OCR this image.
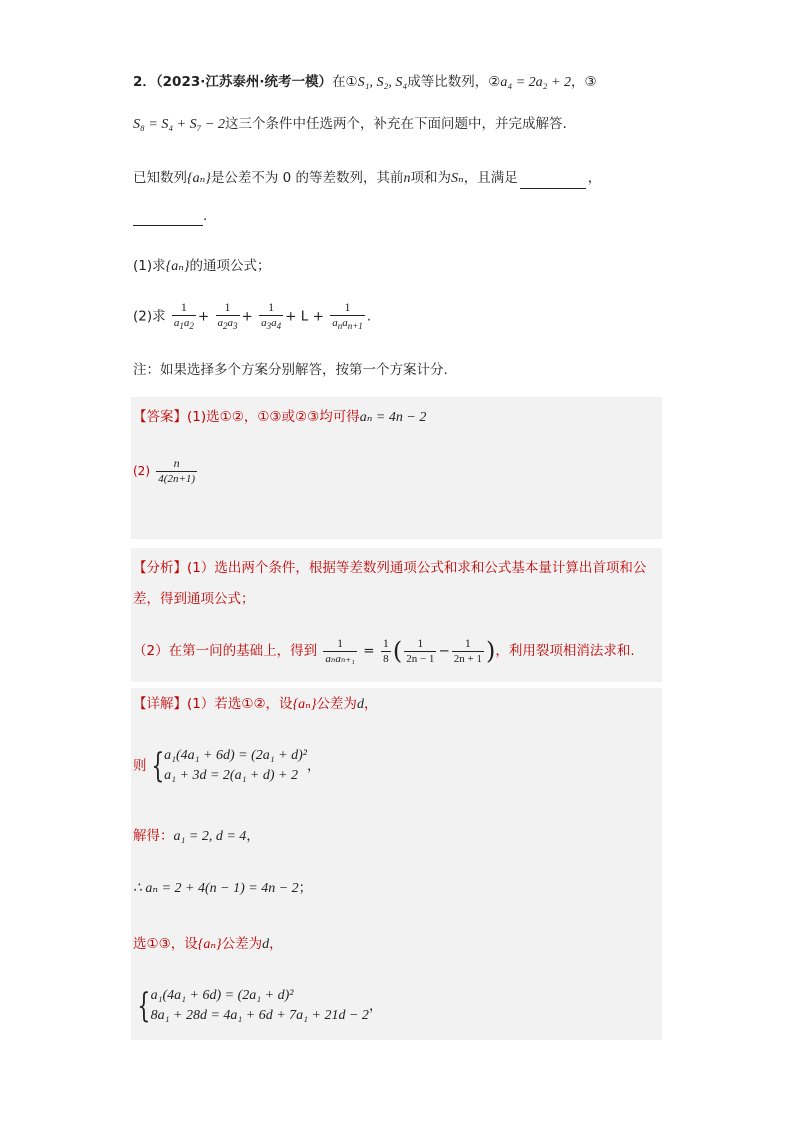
2．（2023·江苏泰州·统考一模）在①S₁, S₂, S₄成等比数列，②a₄ = 2a₂ + 2，③
S₈ = S₄ + S₇ − 2这三个条件中任选两个，补充在下面问题中，并完成解答.
已知数列{aₙ}是公差不为 0 的等差数列，其前n项和为Sₙ，且满足	，
.
(1)求{aₙ}的通项公式；
(2)求 $\frac{1}{a_1a_2} + \frac{1}{a_2a_3} + \frac{1}{a_3a_4} + L + \frac{1}{a_na_{n+1}}$ .
注：如果选择多个方案分别解答，按第一个方案计分.
【答案】(1)选①②，①③或②③均可得aₙ = 4n − 2
$(2) \frac{n}{4(2n+1)}$
【分析】(1）选出两个条件，根据等差数列通项公式和求和公式基本量计算出首项和公
差，得到通项公式；
（2）在第一问的基础上，得到 $\frac{1}{\text{aₙaₙ₊₁}} = \frac{1}{8}$ ( $\frac{1}{2n - 1} - \frac{1}{2n + 1}$ )，利用裂项相消法求和.
【详解】(1）若选①②，设{aₙ}公差为d，
则 { a₁(4a₁ + 6d) = (2a₁ + d)²
a₁ + 3d = 2(a₁ + d) + 2
，
解得：a₁ = 2, d = 4，
∴ aₙ = 2 + 4(n − 1) = 4n − 2；
选①③，设{aₙ}公差为d，
{ a₁(4a₁ + 6d) = (2a₁ + d)²
8a₁ + 28d = 4a₁ + 6d + 7a₁ + 21d − 2
，
